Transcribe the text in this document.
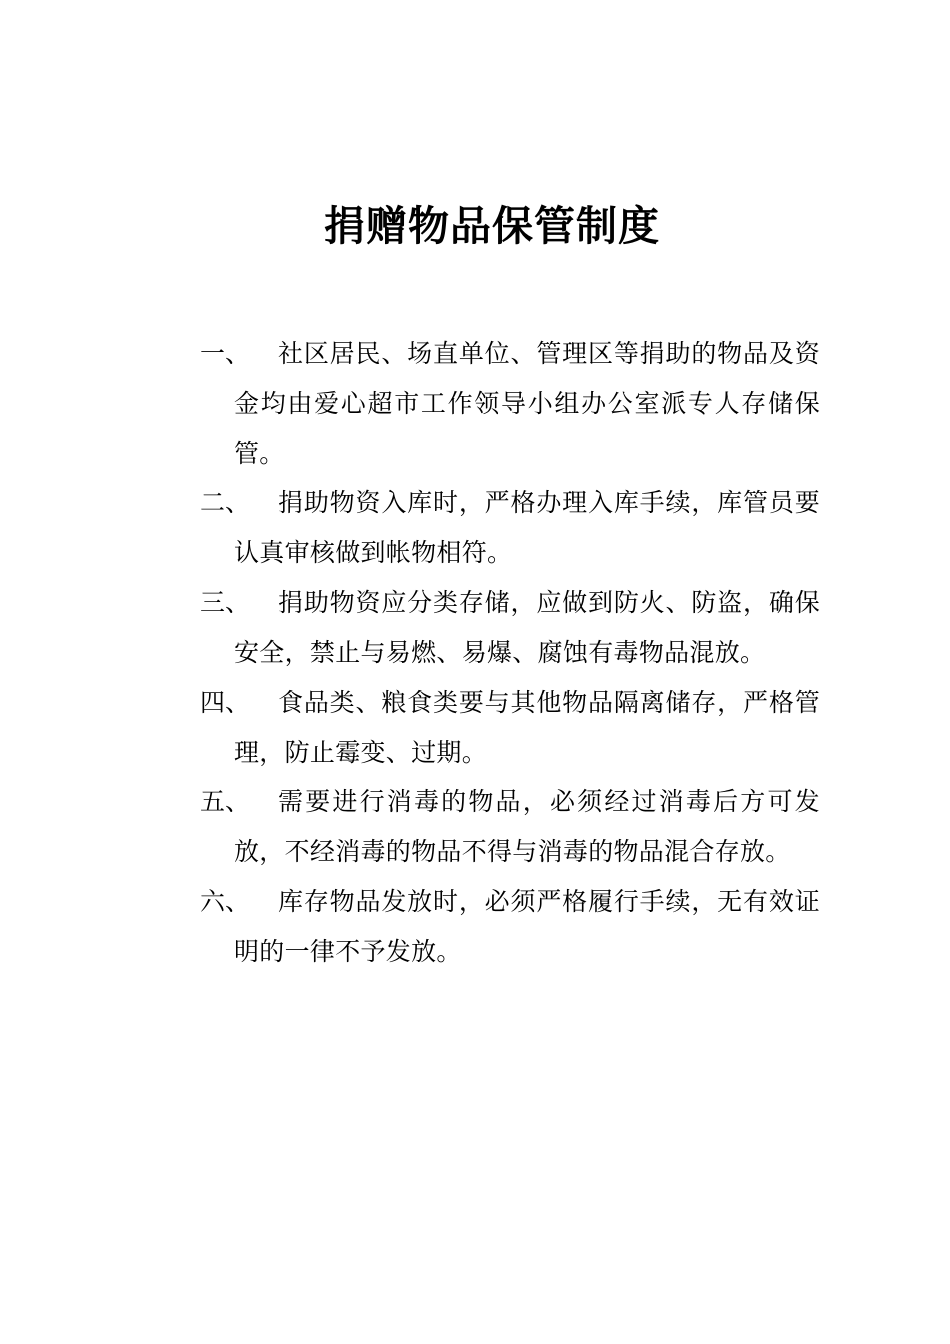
捐赠物品保管制度
一、	社区居民、场直单位、管理区等捐助的物品及资金均由爱心超市工作领导小组办公室派专人存储保管。
二、	捐助物资入库时，严格办理入库手续，库管员要认真审核做到帐物相符。
三、	捐助物资应分类存储，应做到防火、防盗，确保安全，禁止与易燃、易爆、腐蚀有毒物品混放。
四、	食品类、粮食类要与其他物品隔离储存，严格管理，防止霉变、过期。
五、	需要进行消毒的物品，必须经过消毒后方可发放，不经消毒的物品不得与消毒的物品混合存放。
六、	库存物品发放时，必须严格履行手续，无有效证明的一律不予发放。
